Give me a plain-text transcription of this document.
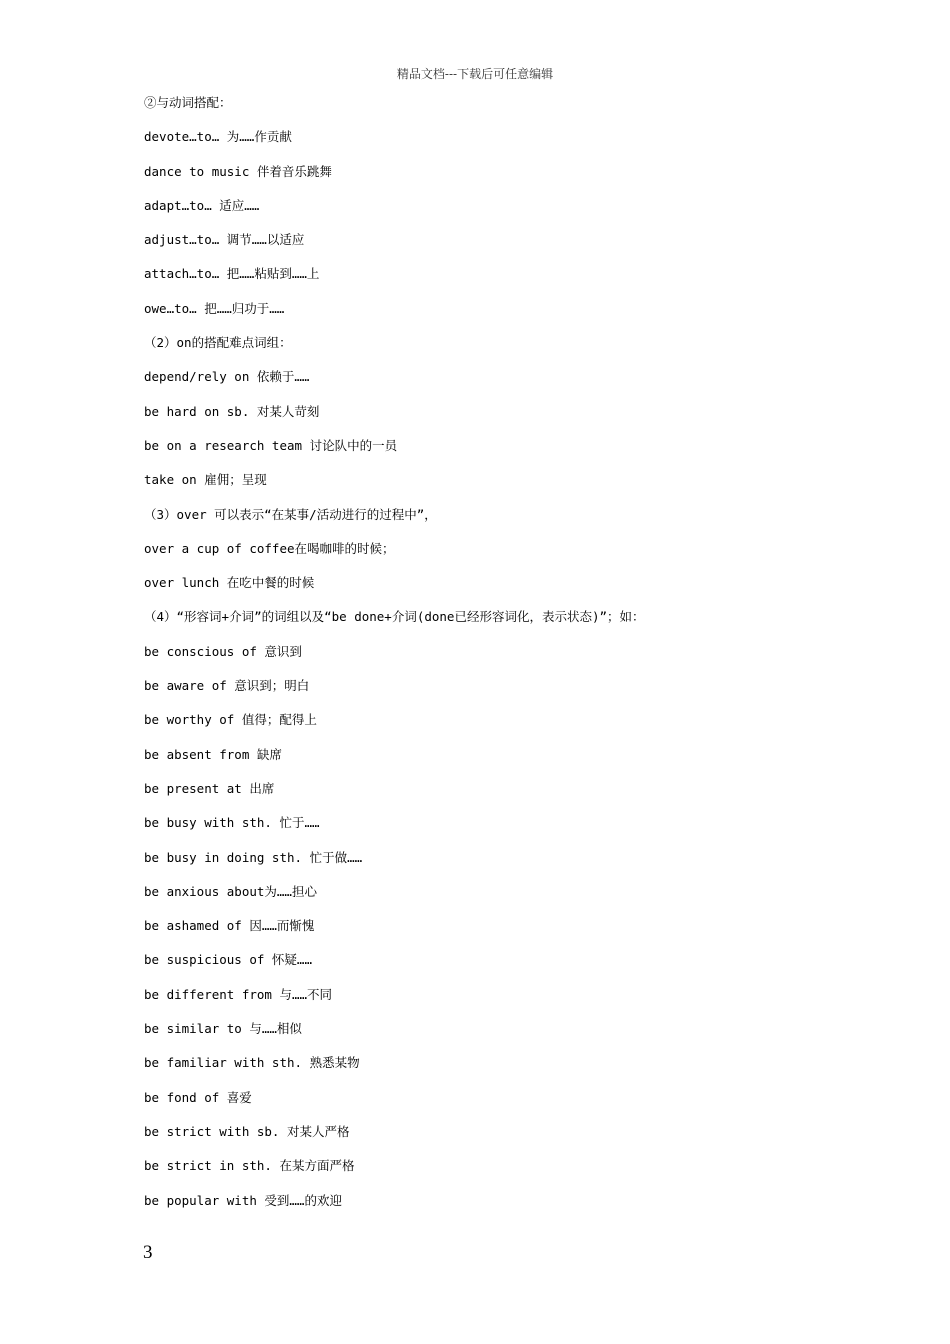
精品文档---下载后可任意编辑
②与动词搭配：
devote…to… 为……作贡献
dance to music 伴着音乐跳舞
adapt…to… 适应……
adjust…to… 调节……以适应
attach…to… 把……粘贴到……上
owe…to… 把……归功于……
（2）on的搭配难点词组：
depend/rely on 依赖于……
be hard on sb. 对某人苛刻
be on a research team 讨论队中的一员
take on 雇佣；呈现
（3）over 可以表示“在某事/活动进行的过程中”，
over a cup of coffee在喝咖啡的时候；
over lunch 在吃中餐的时候
（4）“形容词+介词”的词组以及“be done+介词(done已经形容词化，表示状态)”；如：
be conscious of 意识到
be aware of 意识到；明白
be worthy of 值得；配得上
be absent from 缺席
be present at 出席
be busy with sth. 忙于……
be busy in doing sth. 忙于做……
be anxious about为……担心
be ashamed of 因……而惭愧
be suspicious of 怀疑……
be different from 与……不同
be similar to 与……相似
be familiar with sth. 熟悉某物
be fond of 喜爱
be strict with sb. 对某人严格
be strict in sth. 在某方面严格
be popular with 受到……的欢迎
3
